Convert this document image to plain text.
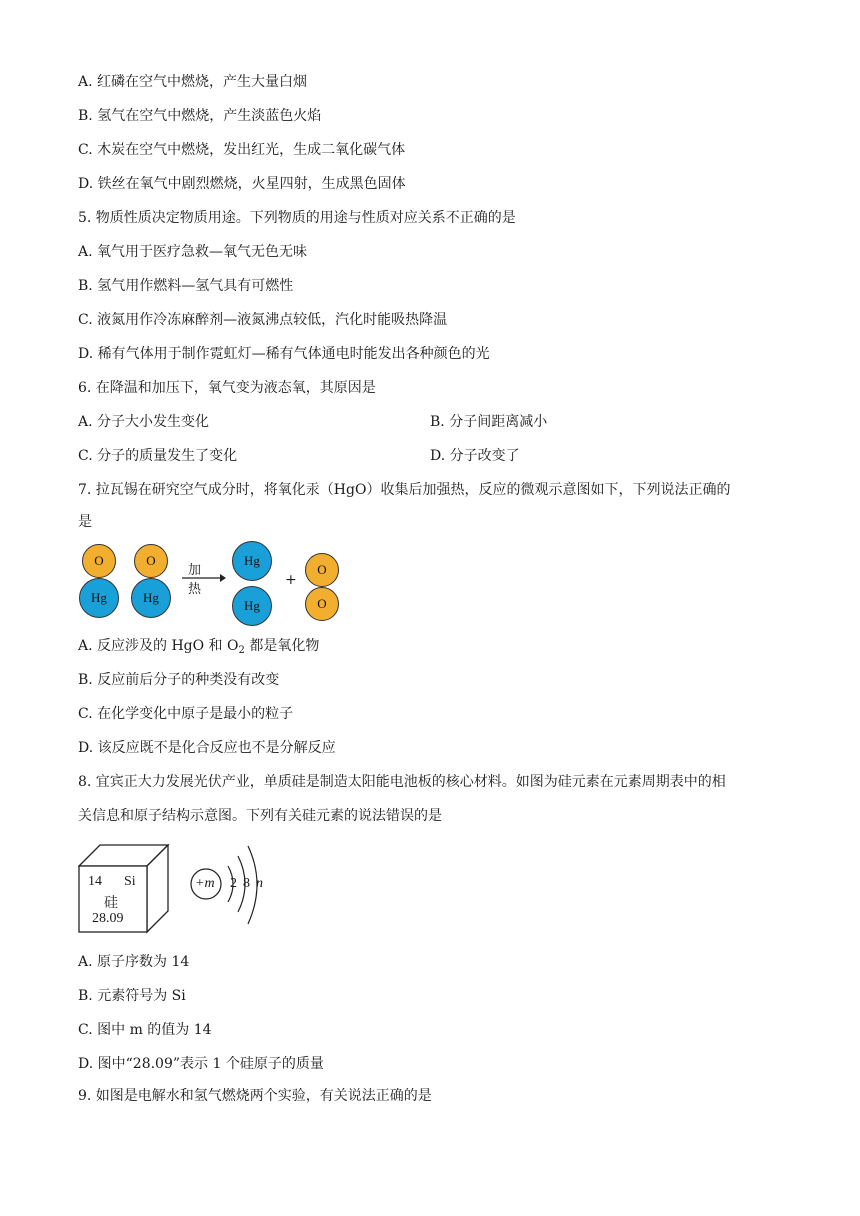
A. 红磷在空气中燃烧，产生大量白烟
B. 氢气在空气中燃烧，产生淡蓝色火焰
C. 木炭在空气中燃烧，发出红光，生成二氧化碳气体
D. 铁丝在氧气中剧烈燃烧，火星四射，生成黑色固体
5. 物质性质决定物质用途。下列物质的用途与性质对应关系不正确的是
A. 氧气用于医疗急救—氧气无色无味
B. 氢气用作燃料—氢气具有可燃性
C. 液氮用作冷冻麻醉剂—液氮沸点较低，汽化时能吸热降温
D. 稀有气体用于制作霓虹灯—稀有气体通电时能发出各种颜色的光
6. 在降温和加压下，氧气变为液态氧，其原因是
A. 分子大小发生变化	B. 分子间距离减小
C. 分子的质量发生了变化	D. 分子改变了
7. 拉瓦锡在研究空气成分时，将氧化汞（HgO）收集后加强热，反应的微观示意图如下，下列说法正确的
是
O
Hg
O
Hg
加热
Hg
Hg
+
O
O
A. 反应涉及的 HgO 和 $O_2$ 都是氧化物
B. 反应前后分子的种类没有改变
C. 在化学变化中原子是最小的粒子
D. 该反应既不是化合反应也不是分解反应
8. 宜宾正大力发展光伏产业，单质硅是制造太阳能电池板的核心材料。如图为硅元素在元素周期表中的相
关信息和原子结构示意图。下列有关硅元素的说法错误的是
14 Si
硅
28.09
+m 2 8 n
A. 原子序数为 14
B. 元素符号为 Si
C. 图中 m 的值为 14
D. 图中“28.09”表示 1 个硅原子的质量
9. 如图是电解水和氢气燃烧两个实验，有关说法正确的是
